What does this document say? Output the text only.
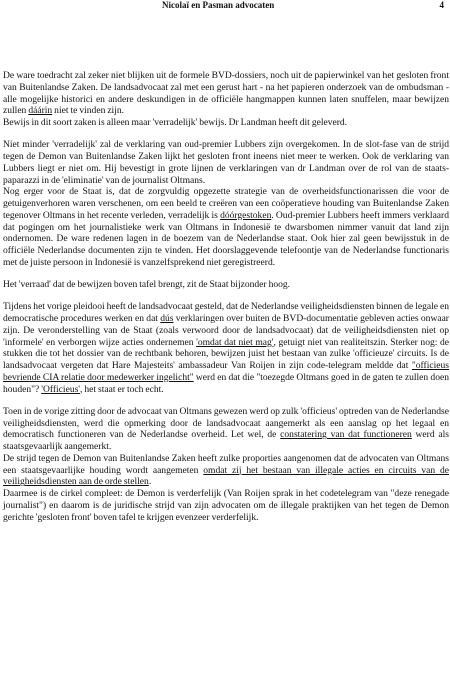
Nicolaï en Pasman advocaten	4

De ware toedracht zal zeker niet blijken uit de formele BVD-dossiers, noch uit de papierwinkel van het gesloten front van Buitenlandse Zaken. De landsadvocaat zal met een gerust hart - na het papieren onderzoek van de ombudsman - alle mogelijke historici en andere deskundigen in de officiële hangmappen kunnen laten snuffelen, maar bewijzen zullen dáárin niet te vinden zijn.

Bewijs in dit soort zaken is alleen maar 'verradelijk' bewijs. Dr Landman heeft dit geleverd.

Niet minder 'verradelijk' zal de verklaring van oud-premier Lubbers zijn overgekomen. In de slot-fase van de strijd tegen de Demon van Buitenlandse Zaken lijkt het gesloten front ineens niet meer te werken. Ook de verklaring van Lubbers liegt er niet om. Hij bevestigt in grote lijnen de verklaringen van dr Landman over de rol van de staats-paparazzi in de 'eliminatie' van de journalist Oltmans.

Nog erger voor de Staat is, dat de zorgvuldig opgezette strategie van de overheidsfunctionarissen die voor de getuigenverhoren waren verschenen, om een beeld te creëren van een coöperatieve houding van Buitenlandse Zaken tegenover Oltmans in het recente verleden, verradelijk is dóórgestoken. Oud-premier Lubbers heeft immers verklaard dat pogingen om het journalistieke werk van Oltmans in Indonesië te dwarsbomen nimmer vanuit dat land zijn ondernomen. De ware redenen lagen in de boezem van de Nederlandse staat. Ook hier zal geen bewijsstuk in de officiële Nederlandse documenten zijn te vinden. Het doorslaggevende telefoontje van de Nederlandse functionaris met de juiste persoon in Indonesië is vanzelfsprekend niet geregistreerd.

Het 'verraad' dat de bewijzen boven tafel brengt, zit de Staat bijzonder hoog.

Tijdens het vorige pleidooi heeft de landsadvocaat gesteld, dat de Nederlandse veiligheidsdiensten binnen de legale en democratische procedures werken en dat dús verklaringen over buiten de BVD-documentatie gebleven acties onwaar zijn. De veronderstelling van de Staat (zoals verwoord door de landsadvocaat) dat de veiligheidsdiensten niet op 'informele' en verborgen wijze acties ondernemen 'omdat dat niet mag', getuigt niet van realiteitszin. Sterker nog: de stukken die tot het dossier van de rechtbank behoren, bewijzen juist het bestaan van zulke 'officieuze' circuits. Is de landsadvocaat vergeten dat Hare Majesteits' ambassadeur Van Roijen in zijn code-telegram meldde dat "officieus bevriende CIA relatie door medewerker ingelicht" werd en dat die "toezegde Oltmans goed in de gaten te zullen doen houden"? 'Officieus', het staat er toch echt.

Toen in de vorige zitting door de advocaat van Oltmans gewezen werd op zulk 'officieus' optreden van de Nederlandse veiligheidsdiensten, werd die opmerking door de landsadvocaat aangemerkt als een aanslag op het legaal en democratisch functioneren van de Nederlandse overheid. Let wel, de constatering van dat functioneren werd als staatsgevaarlijk aangemerkt.

De strijd tegen de Demon van Buitenlandse Zaken heeft zulke proporties aangenomen dat de advocaten van Oltmans een staatsgevaarlijke houding wordt aangemeten omdat zij het bestaan van illegale acties en circuits van de veiligheidsdiensten aan de orde stellen.

Daarmee is de cirkel compleet: de Demon is verderfelijk (Van Roijen sprak in het codetelegram van "deze renegade journalist") en daarom is de juridische strijd van zijn advocaten om de illegale praktijken van het tegen de Demon gerichte 'gesloten front' boven tafel te krijgen evenzeer verderfelijk.
